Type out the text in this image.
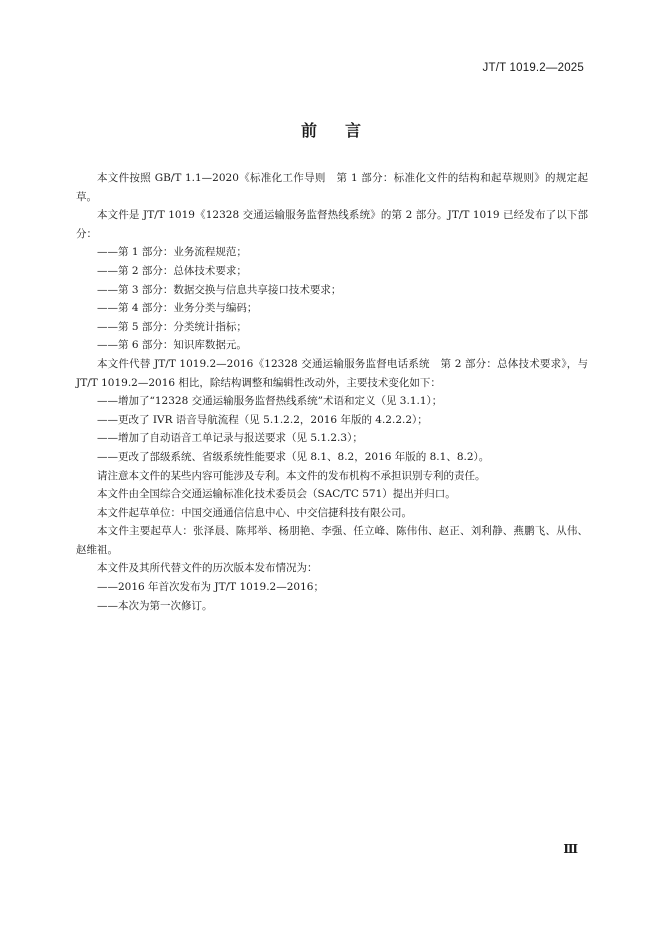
JT/T 1019.2—2025
前言

本文件按照 GB/T 1.1—2020《标准化工作导则　第 1 部分：标准化文件的结构和起草规则》的规定起草。

本文件是 JT/T 1019《12328 交通运输服务监督热线系统》的第 2 部分。JT/T 1019 已经发布了以下部分：

——第 1 部分：业务流程规范；

——第 2 部分：总体技术要求；

——第 3 部分：数据交换与信息共享接口技术要求；

——第 4 部分：业务分类与编码；

——第 5 部分：分类统计指标；

——第 6 部分：知识库数据元。

本文件代替 JT/T 1019.2—2016《12328 交通运输服务监督电话系统　第 2 部分：总体技术要求》，与 JT/T 1019.2—2016 相比，除结构调整和编辑性改动外，主要技术变化如下：

——增加了“12328 交通运输服务监督热线系统”术语和定义（见 3.1.1）；

——更改了 IVR 语音导航流程（见 5.1.2.2，2016 年版的 4.2.2.2）；

——增加了自动语音工单记录与报送要求（见 5.1.2.3）；

——更改了部级系统、省级系统性能要求（见 8.1、8.2，2016 年版的 8.1、8.2）。

请注意本文件的某些内容可能涉及专利。本文件的发布机构不承担识别专利的责任。

本文件由全国综合交通运输标准化技术委员会（SAC/TC 571）提出并归口。

本文件起草单位：中国交通通信信息中心、中交信捷科技有限公司。

本文件主要起草人：张泽晨、陈邦举、杨朋艳、李强、任立峰、陈伟伟、赵正、刘利静、燕鹏飞、从伟、赵维祖。

本文件及其所代替文件的历次版本发布情况为：

——2016 年首次发布为 JT/T 1019.2—2016；

——本次为第一次修订。

Ⅲ
